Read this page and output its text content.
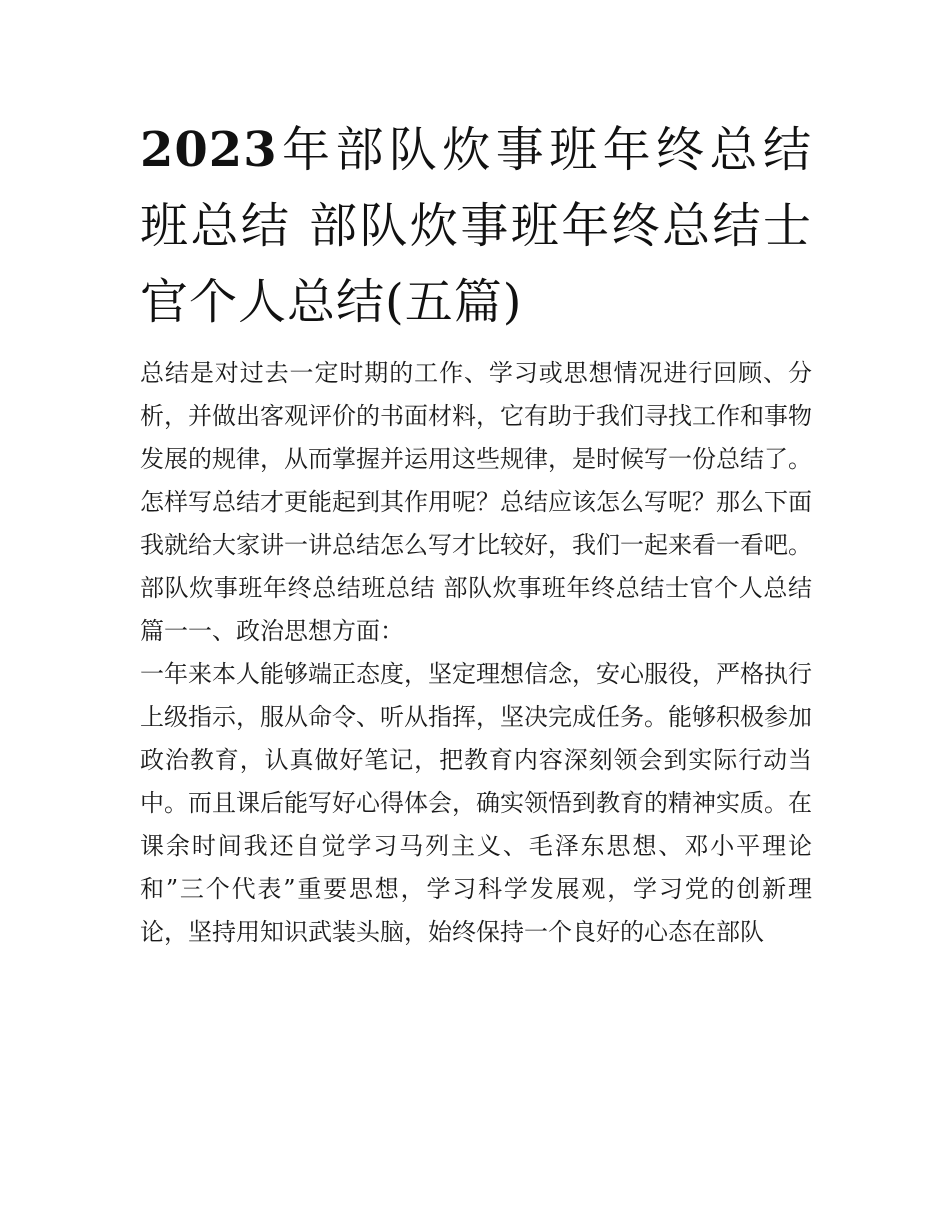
2023年部队炊事班年终总结班总结 部队炊事班年终总结士官个人总结(五篇)

总结是对过去一定时期的工作、学习或思想情况进行回顾、分析，并做出客观评价的书面材料，它有助于我们寻找工作和事物发展的规律，从而掌握并运用这些规律，是时候写一份总结了。怎样写总结才更能起到其作用呢？总结应该怎么写呢？那么下面我就给大家讲一讲总结怎么写才比较好，我们一起来看一看吧。

部队炊事班年终总结班总结 部队炊事班年终总结士官个人总结篇一一、政治思想方面：

一年来本人能够端正态度，坚定理想信念，安心服役，严格执行上级指示，服从命令、听从指挥，坚决完成任务。能够积极参加政治教育，认真做好笔记，把教育内容深刻领会到实际行动当中。而且课后能写好心得体会，确实领悟到教育的精神实质。在课余时间我还自觉学习马列主义、毛泽东思想、邓小平理论和”三个代表”重要思想，学习科学发展观，学习党的创新理论，坚持用知识武装头脑，始终保持一个良好的心态在部队
